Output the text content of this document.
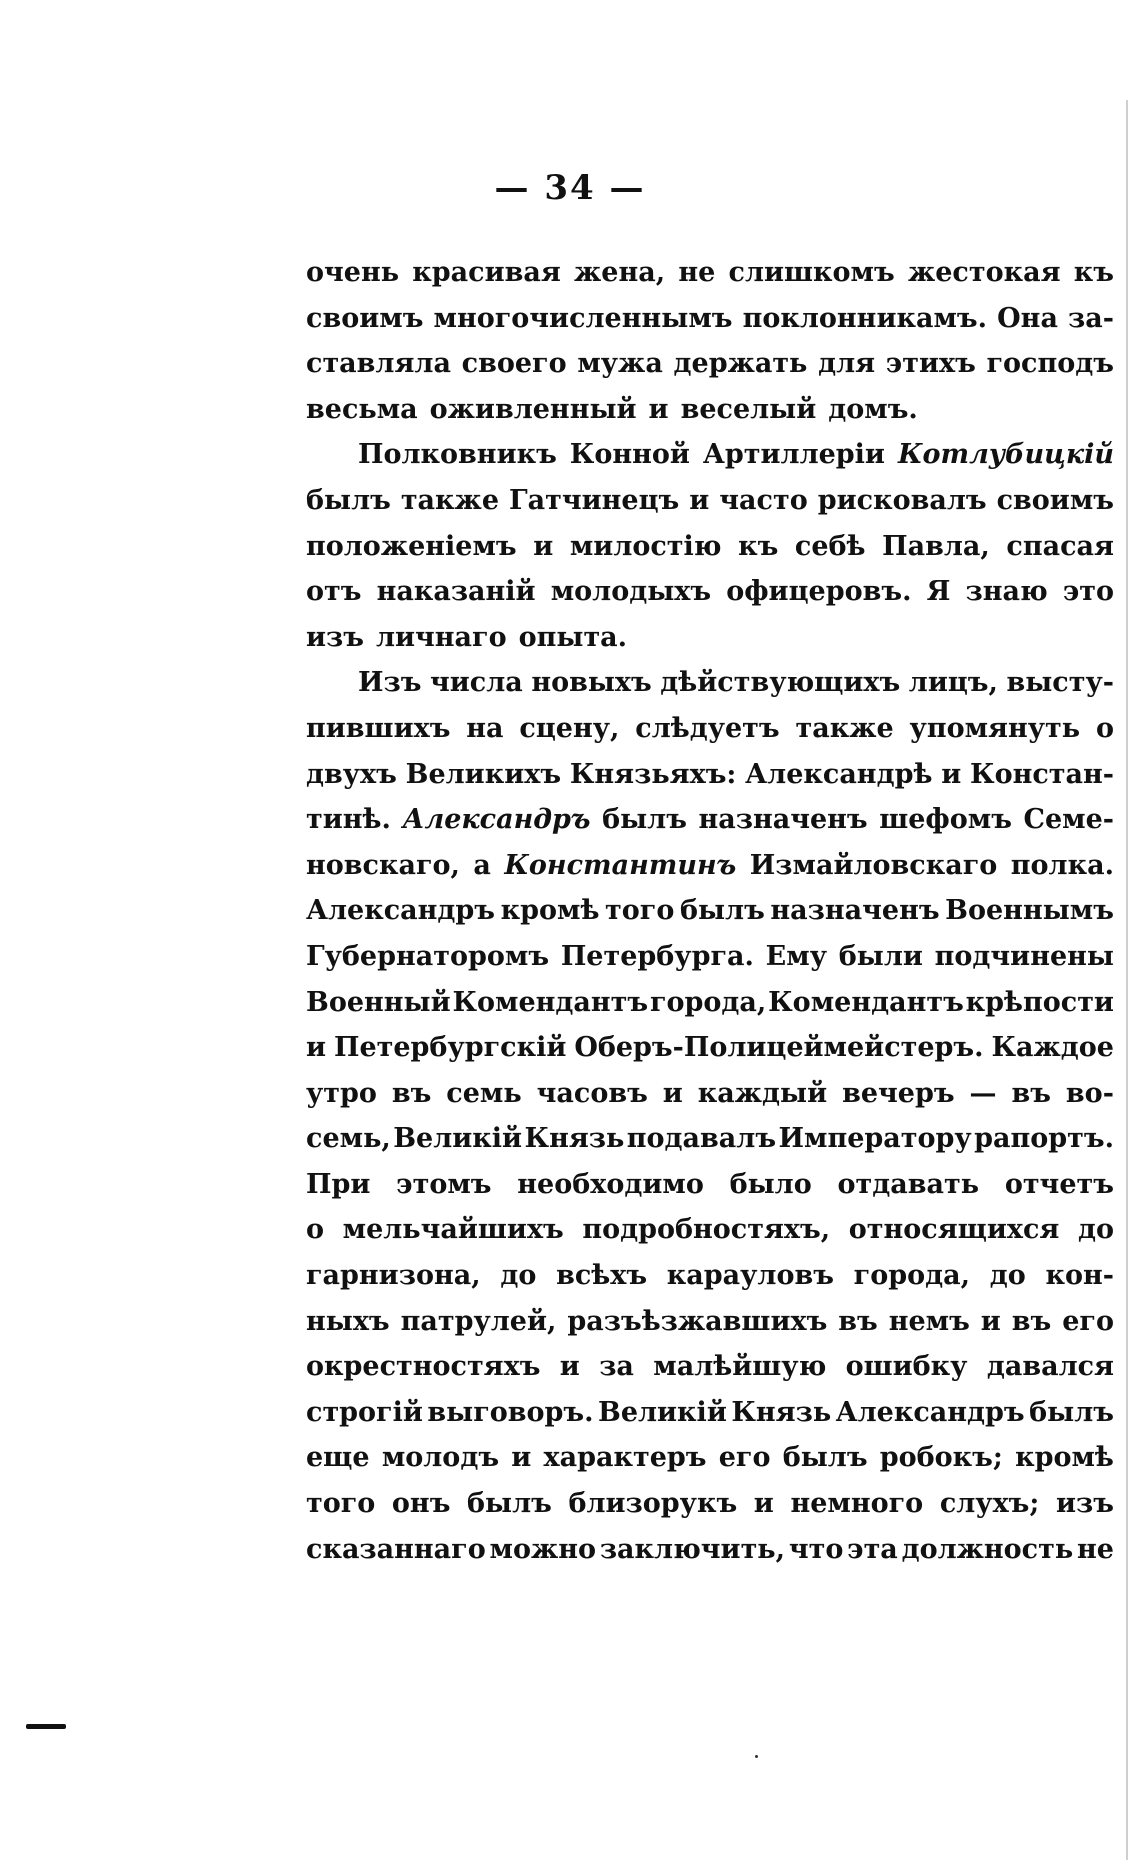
— 34 —
очень красивая жена, не слишкомъ жестокая къ
своимъ многочисленнымъ поклонникамъ. Она за-
ставляла своего мужа держать для этихъ господъ
весьма оживленный и веселый домъ.
Полковникъ Конной Артиллеріи Котлубицкій
былъ также Гатчинецъ и часто рисковалъ своимъ
положеніемъ и милостію къ себѣ Павла, спасая
отъ наказаній молодыхъ офицеровъ. Я знаю это
изъ личнаго опыта.
Изъ числа новыхъ дѣйствующихъ лицъ, высту-
пившихъ на сцену, слѣдуетъ также упомянуть о
двухъ Великихъ Князьяхъ: Александрѣ и Констан-
тинѣ. Александръ былъ назначенъ шефомъ Семе-
новскаго, а Константинъ Измайловскаго полка.
Александръ кромѣ того былъ назначенъ Военнымъ
Губернаторомъ Петербурга. Ему были подчинены
Военный Комендантъ города, Комендантъ крѣпости
и Петербургскій Оберъ-Полицеймейстеръ. Каждое
утро въ семь часовъ и каждый вечеръ — въ во-
семь, Великій Князь подавалъ Императору рапортъ.
При этомъ необходимо было отдавать отчетъ
о мельчайшихъ подробностяхъ, относящихся до
гарнизона, до всѣхъ карауловъ города, до кон-
ныхъ патрулей, разъѣзжавшихъ въ немъ и въ его
окрестностяхъ и за малѣйшую ошибку давался
строгій выговоръ. Великій Князь Александръ былъ
еще молодъ и характеръ его былъ робокъ; кромѣ
того онъ былъ близорукъ и немного слухъ; изъ
сказаннаго можно заключить, что эта должность не
